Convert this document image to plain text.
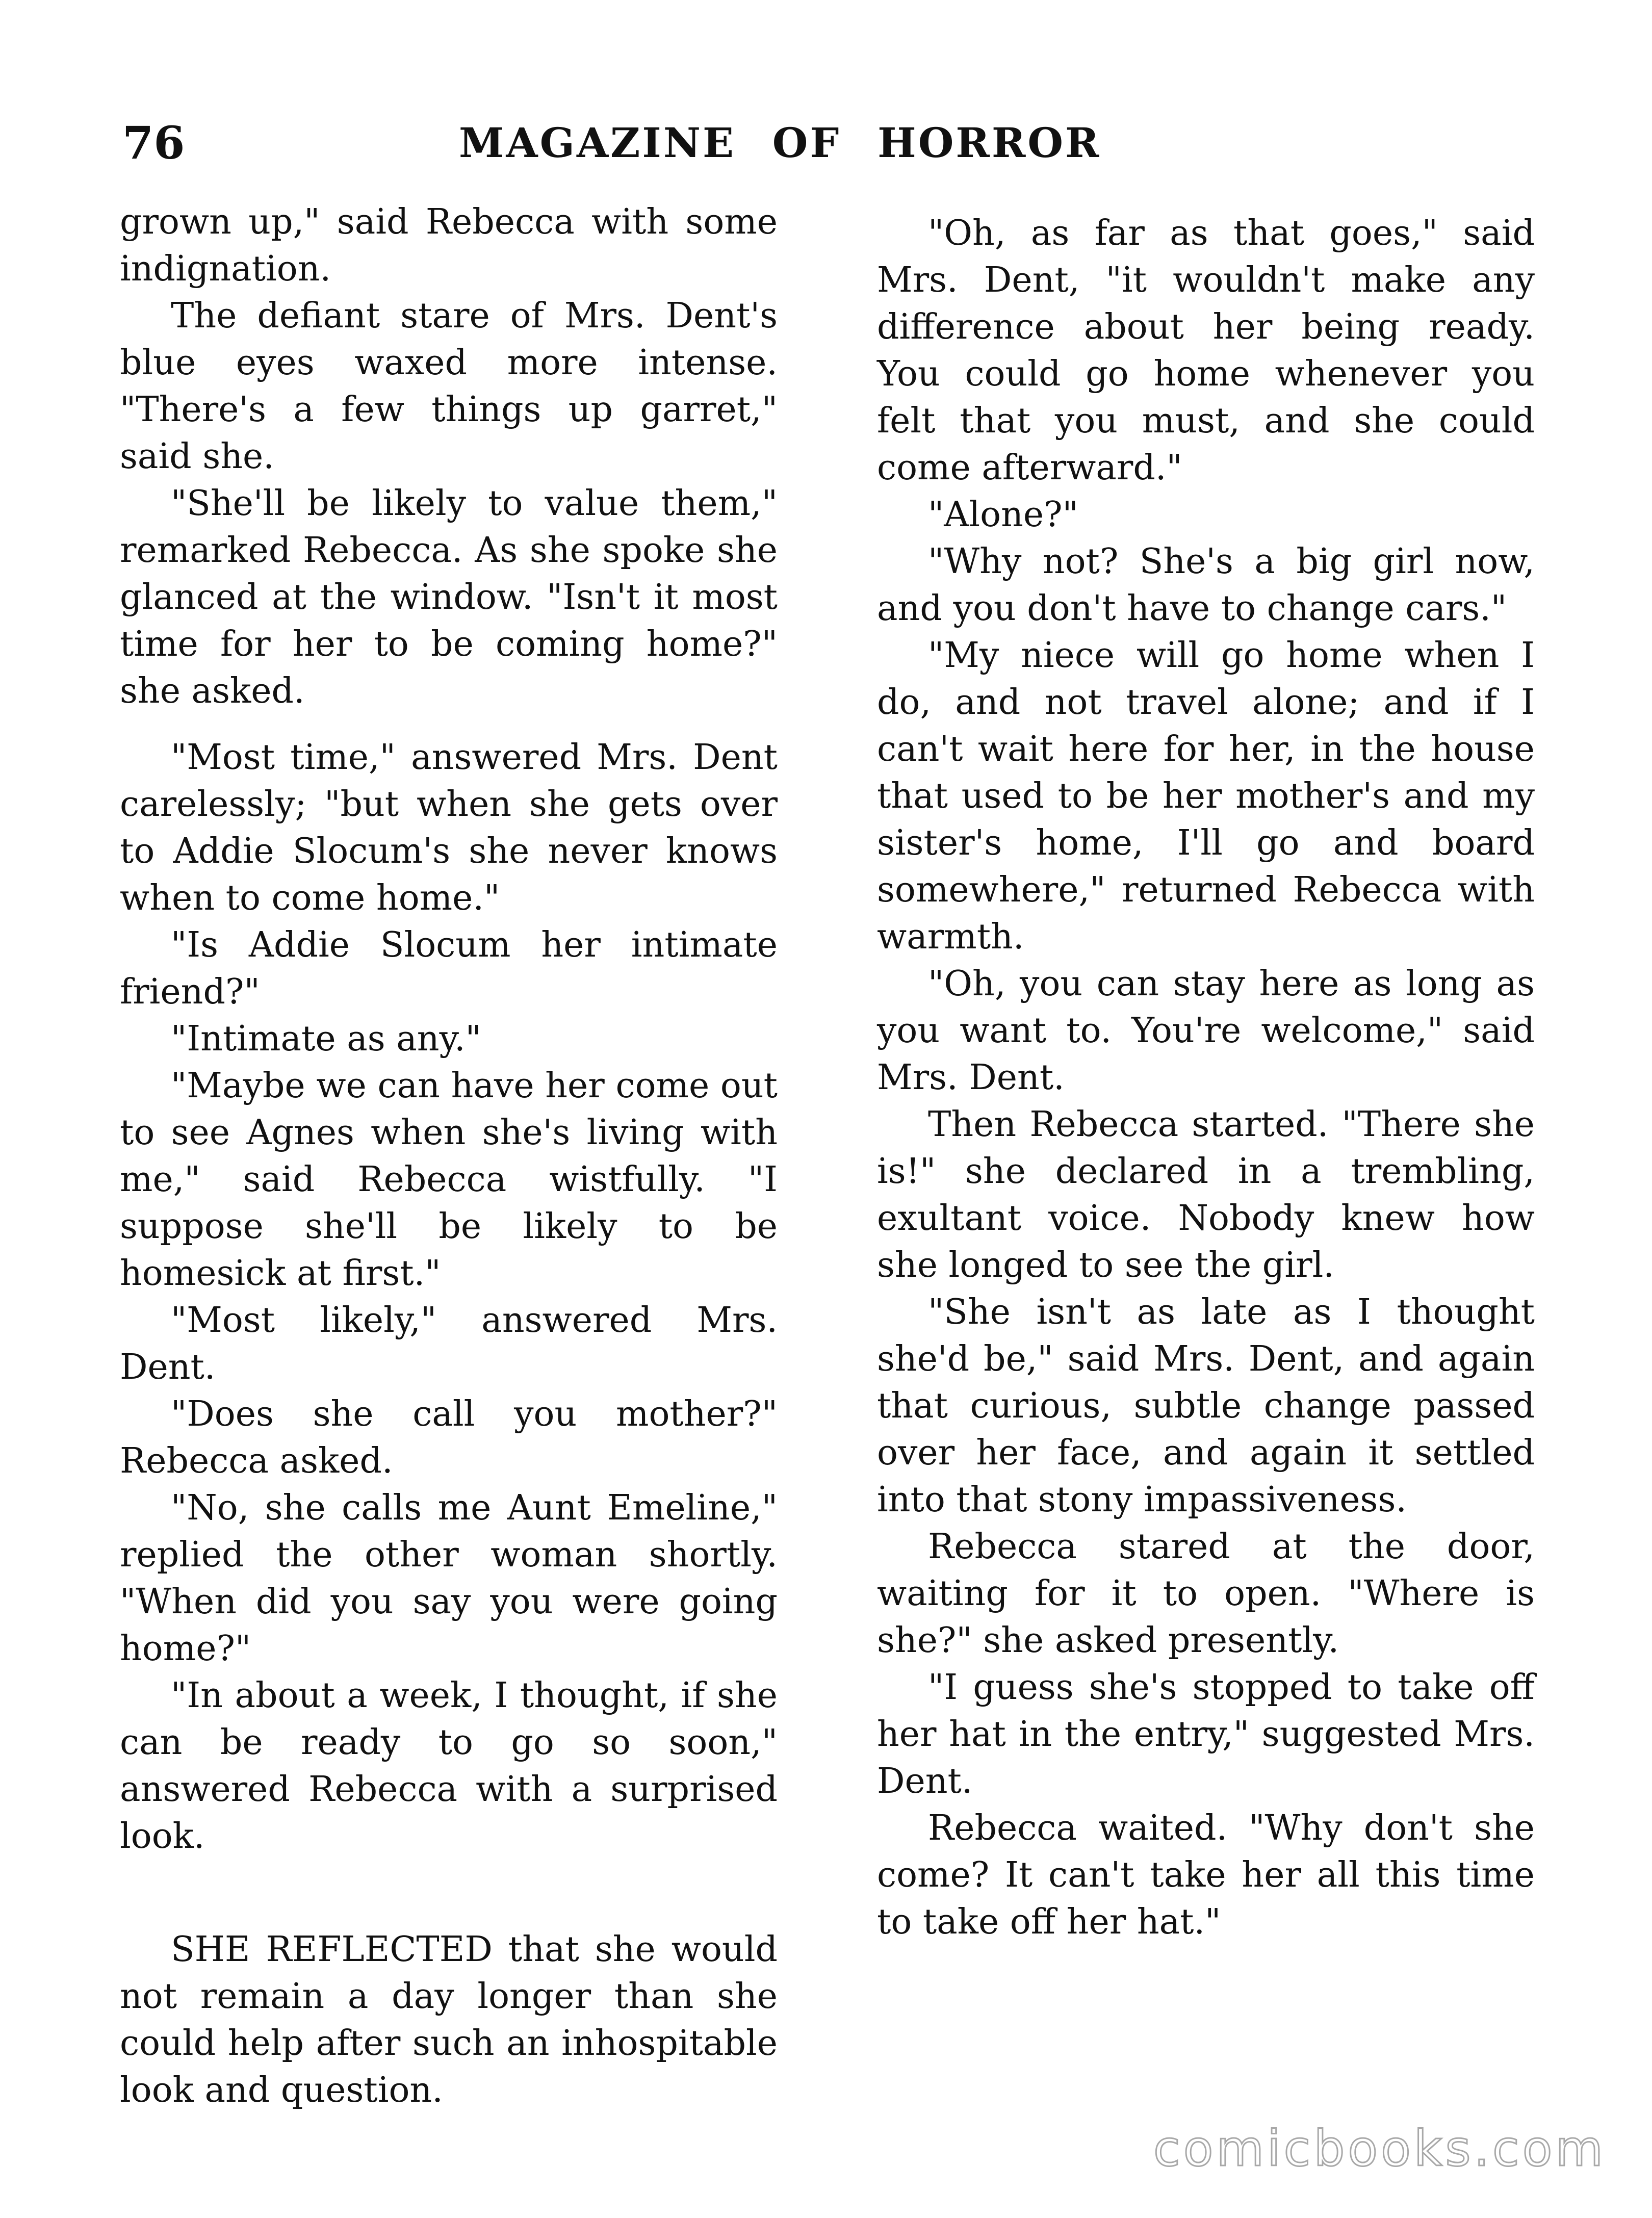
76	MAGAZINE OF HORROR

grown up," said Rebecca with some indignation.

The defiant stare of Mrs. Dent's blue eyes waxed more intense. "There's a few things up garret," said she.

"She'll be likely to value them," remarked Rebecca. As she spoke she glanced at the window. "Isn't it most time for her to be coming home?" she asked.

"Most time," answered Mrs. Dent carelessly; "but when she gets over to Addie Slocum's she never knows when to come home."

"Is Addie Slocum her intimate friend?"

"Intimate as any."

"Maybe we can have her come out to see Agnes when she's living with me," said Rebecca wistfully. "I suppose she'll be likely to be homesick at first."

"Most likely," answered Mrs. Dent.

"Does she call you mother?" Rebecca asked.

"No, she calls me Aunt Emeline," replied the other woman shortly. "When did you say you were going home?"

"In about a week, I thought, if she can be ready to go so soon," answered Rebecca with a surprised look.

SHE REFLECTED that she would not remain a day longer than she could help after such an inhospitable look and question.

"Oh, as far as that goes," said Mrs. Dent, "it wouldn't make any difference about her being ready. You could go home whenever you felt that you must, and she could come afterward."

"Alone?"

"Why not? She's a big girl now, and you don't have to change cars."

"My niece will go home when I do, and not travel alone; and if I can't wait here for her, in the house that used to be her mother's and my sister's home, I'll go and board somewhere," returned Rebecca with warmth.

"Oh, you can stay here as long as you want to. You're welcome," said Mrs. Dent.

Then Rebecca started. "There she is!" she declared in a trembling, exultant voice. Nobody knew how she longed to see the girl.

"She isn't as late as I thought she'd be," said Mrs. Dent, and again that curious, subtle change passed over her face, and again it settled into that stony impassiveness.

Rebecca stared at the door, waiting for it to open. "Where is she?" she asked presently.

"I guess she's stopped to take off her hat in the entry," suggested Mrs. Dent.

Rebecca waited. "Why don't she come? It can't take her all this time to take off her hat."

comicbooks.com
